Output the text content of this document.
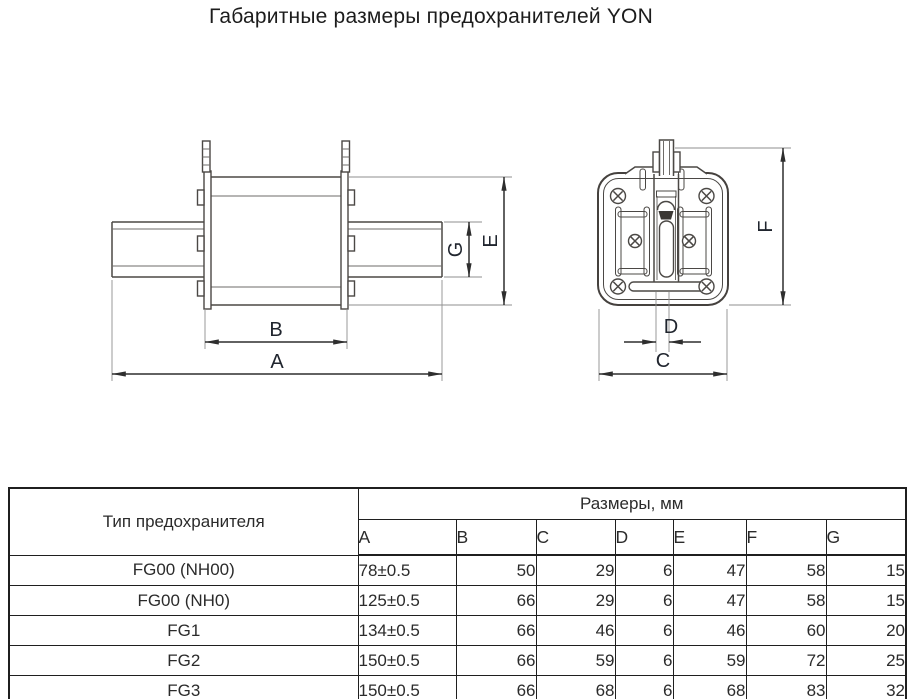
Габаритные размеры предохранителей YON
B
A
E
G
F
C
D
Тип предохранителя	Размеры, мм						
	A	B	C	D	E	F	G
FG00 (NH00)	78±0.5	50	29	6	47	58	15
FG00 (NH0)	125±0.5	66	29	6	47	58	15
FG1	134±0.5	66	46	6	46	60	20
FG2	150±0.5	66	59	6	59	72	25
FG3	150±0.5	66	68	6	68	83	32
